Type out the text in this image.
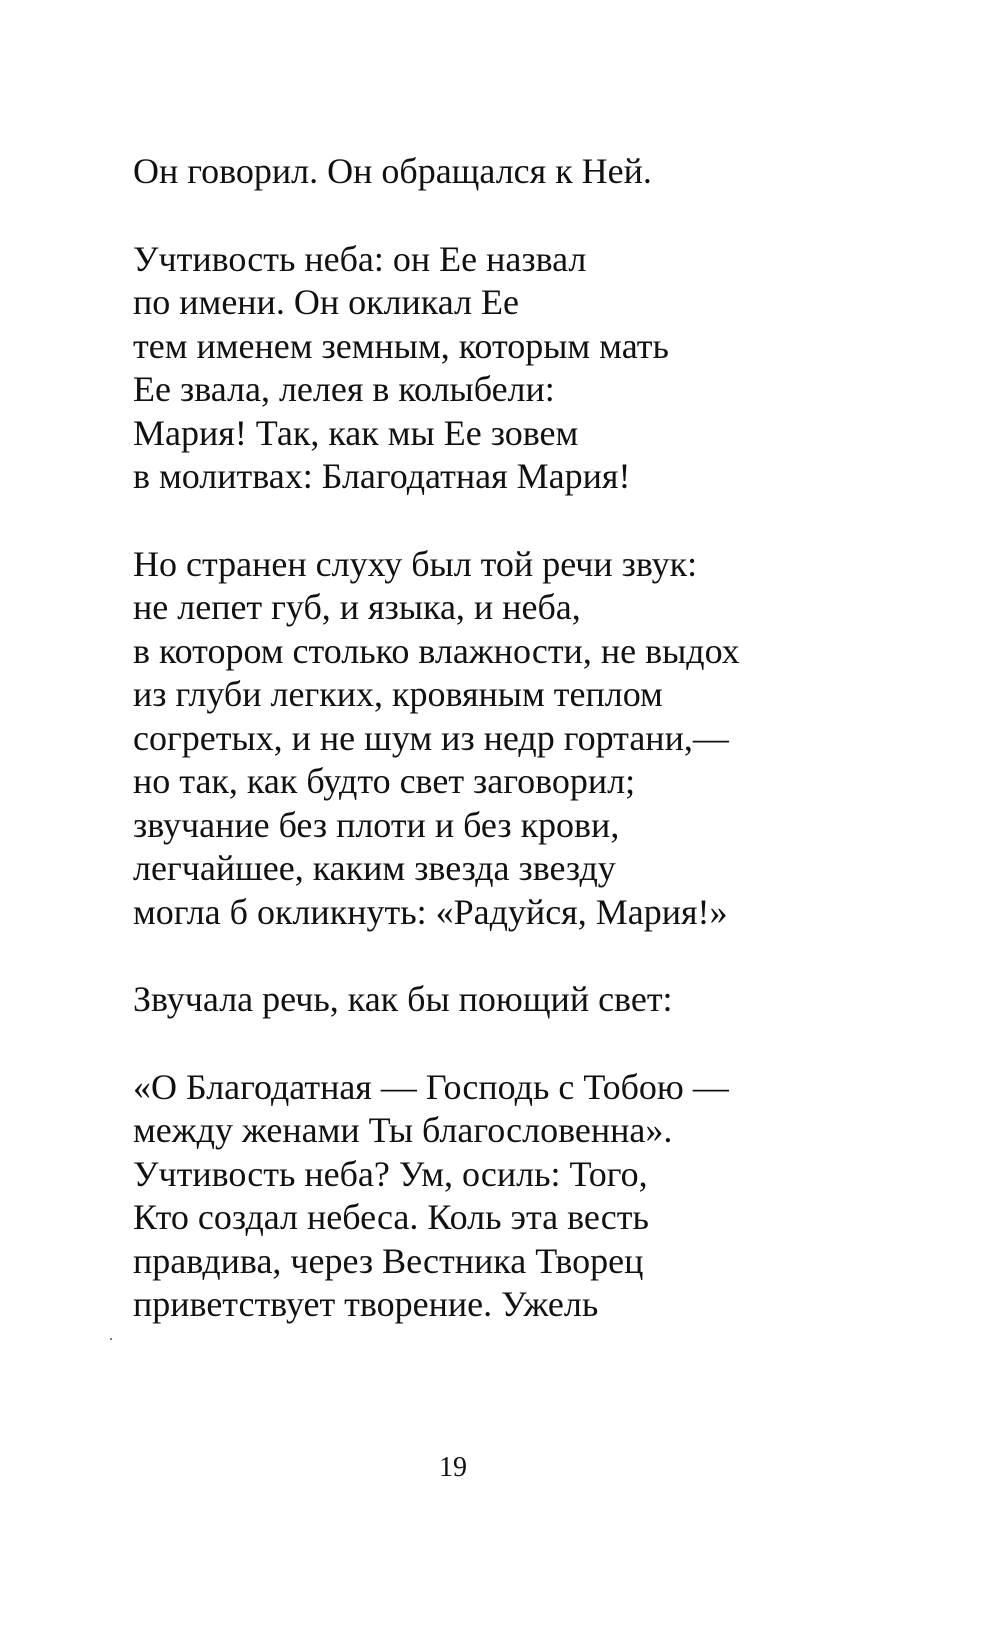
Он говорил. Он обращался к Ней.
Учтивость неба: он Ее назвал
по имени. Он окликал Ее
тем именем земным, которым мать
Ее звала, лелея в колыбели:
Мария! Так, как мы Ее зовем
в молитвах: Благодатная Мария!
Но странен слуху был той речи звук:
не лепет губ, и языка, и неба,
в котором столько влажности, не выдох
из глуби легких, кровяным теплом
согретых, и не шум из недр гортани,—
но так, как будто свет заговорил;
звучание без плоти и без крови,
легчайшее, каким звезда звезду
могла б окликнуть: «Радуйся, Мария!»
Звучала речь, как бы поющий свет:
«О Благодатная — Господь с Тобою —
между женами Ты благословенна».
Учтивость неба? Ум, осиль: Того,
Кто создал небеса. Коль эта весть
правдива, через Вестника Творец
приветствует творение. Ужель
19
